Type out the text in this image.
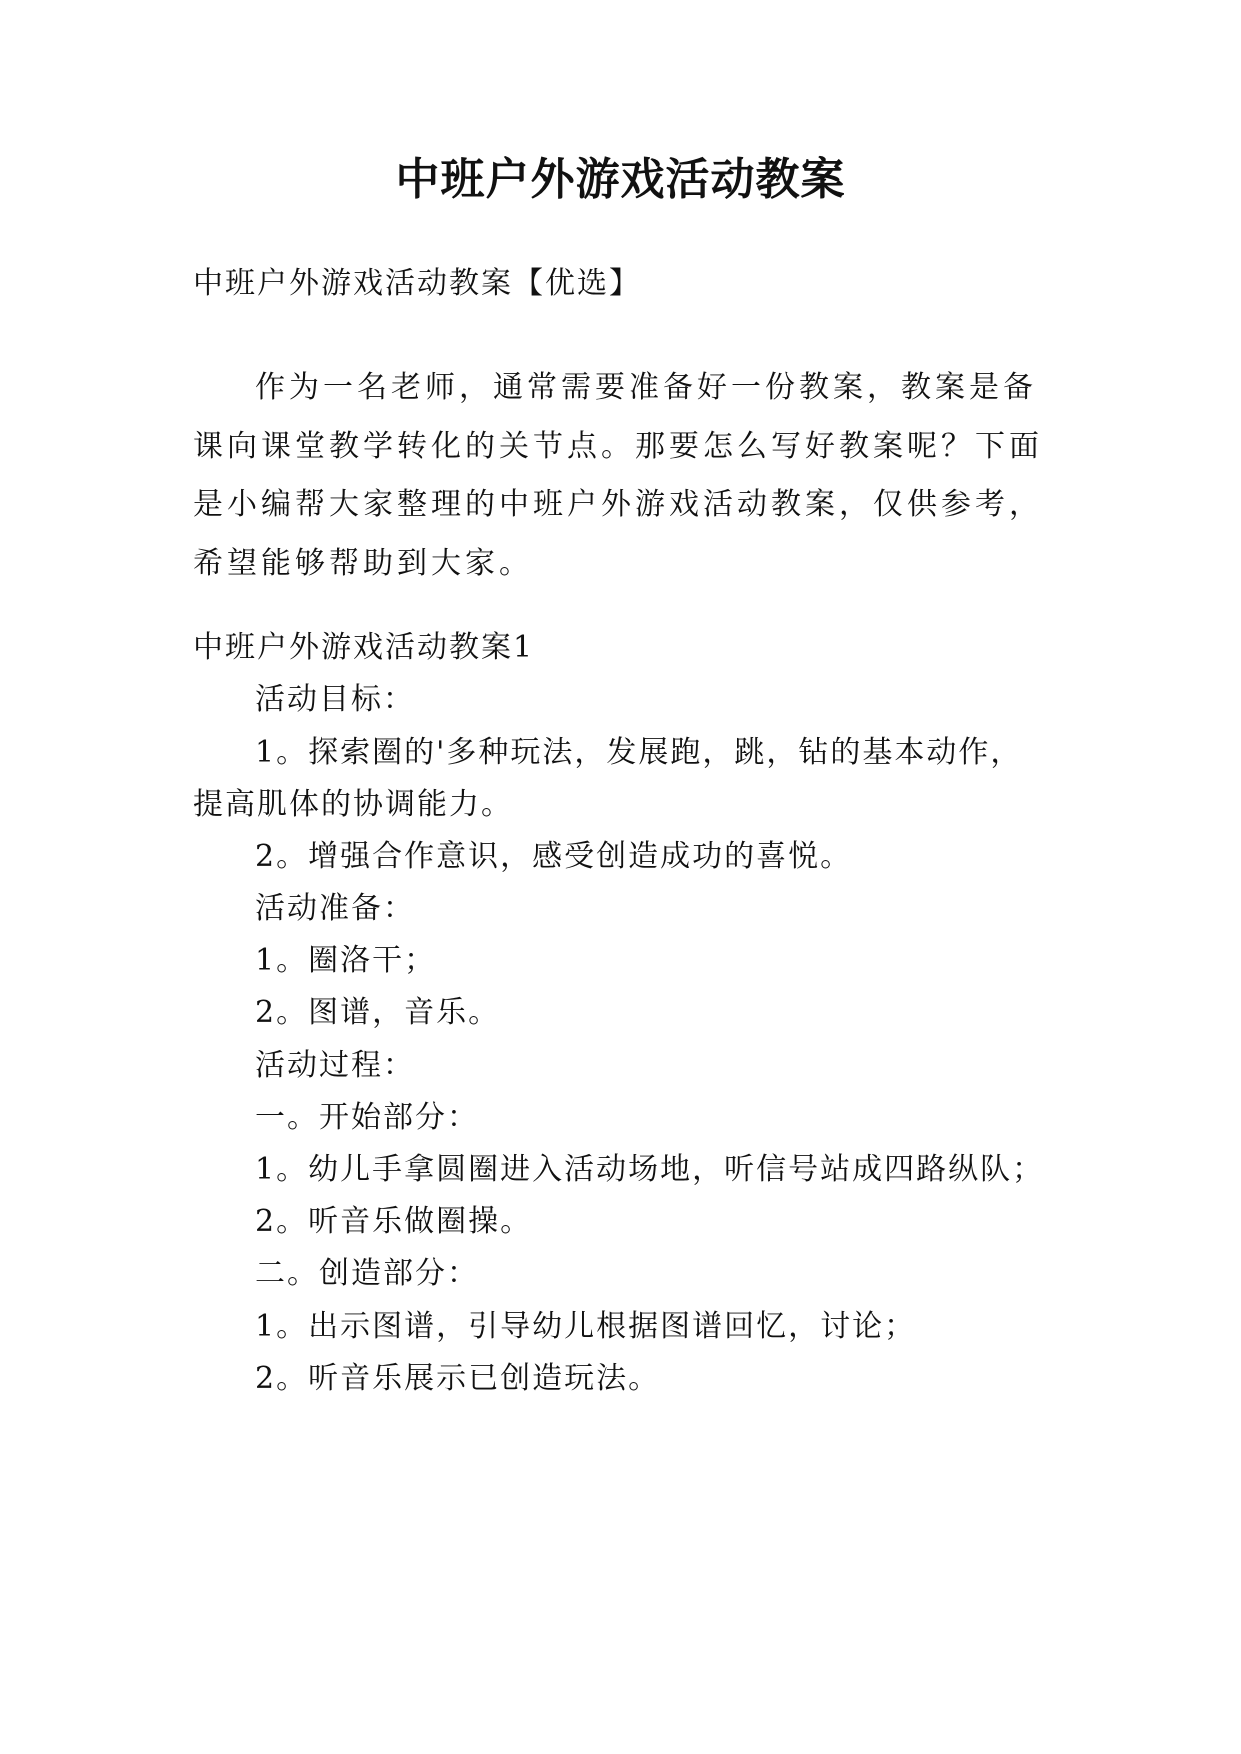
中班户外游戏活动教案
中班户外游戏活动教案【优选】
作为一名老师，通常需要准备好一份教案，教案是备课向课堂教学转化的关节点。那要怎么写好教案呢？下面是小编帮大家整理的中班户外游戏活动教案，仅供参考，希望能够帮助到大家。
中班户外游戏活动教案1
活动目标：
1。探索圈的'多种玩法，发展跑，跳，钻的基本动作，
提高肌体的协调能力。
2。增强合作意识，感受创造成功的喜悦。
活动准备：
1。圈洛干；
2。图谱，音乐。
活动过程：
一。开始部分：
1。幼儿手拿圆圈进入活动场地，听信号站成四路纵队；
2。听音乐做圈操。
二。创造部分：
1。出示图谱，引导幼儿根据图谱回忆，讨论；
2。听音乐展示已创造玩法。
